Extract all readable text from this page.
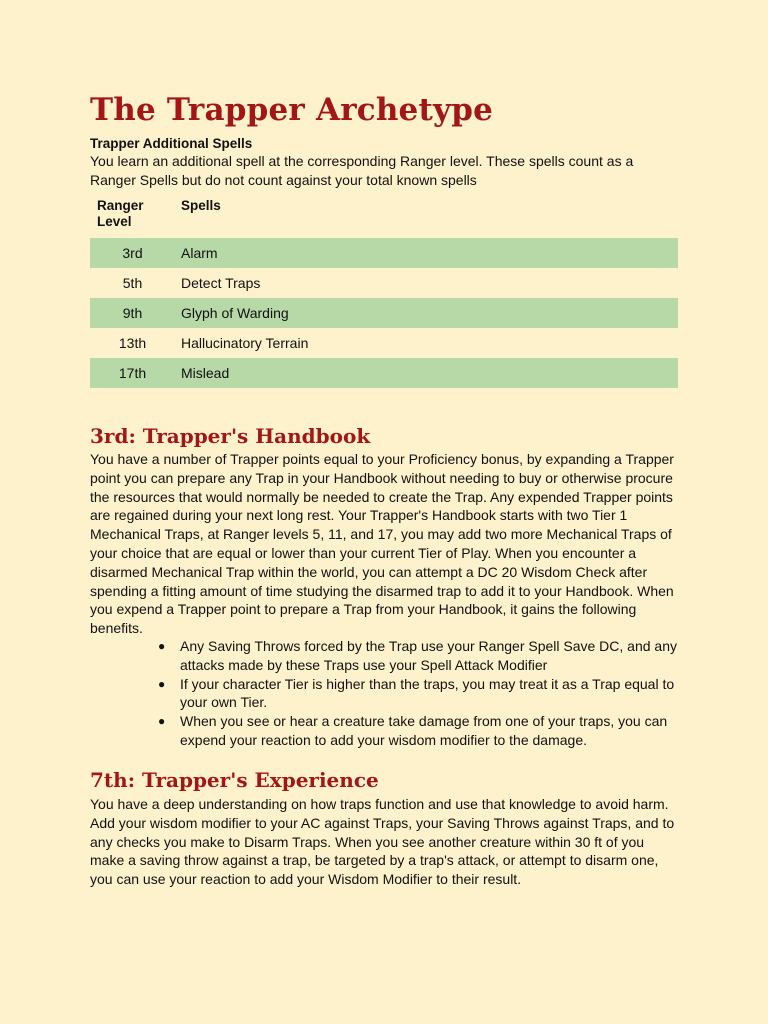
The Trapper Archetype
Trapper Additional Spells

You learn an additional spell at the corresponding Ranger level. These spells count as a Ranger Spells but do not count against your total known spells

Ranger Level	Spells
3rd	Alarm
5th	Detect Traps
9th	Glyph of Warding
13th	Hallucinatory Terrain
17th	Mislead
3rd: Trapper's Handbook

You have a number of Trapper points equal to your Proficiency bonus, by expanding a Trapper point you can prepare any Trap in your Handbook without needing to buy or otherwise procure the resources that would normally be needed to create the Trap. Any expended Trapper points are regained during your next long rest. Your Trapper's Handbook starts with two Tier 1 Mechanical Traps, at Ranger levels 5, 11, and 17, you may add two more Mechanical Traps of your choice that are equal or lower than your current Tier of Play. When you encounter a disarmed Mechanical Trap within the world, you can attempt a DC 20 Wisdom Check after spending a fitting amount of time studying the disarmed trap to add it to your Handbook. When you expend a Trapper point to prepare a Trap from your Handbook, it gains the following benefits.

● Any Saving Throws forced by the Trap use your Ranger Spell Save DC, and any attacks made by these Traps use your Spell Attack Modifier
● If your character Tier is higher than the traps, you may treat it as a Trap equal to your own Tier.
● When you see or hear a creature take damage from one of your traps, you can expend your reaction to add your wisdom modifier to the damage.
7th: Trapper's Experience

You have a deep understanding on how traps function and use that knowledge to avoid harm. Add your wisdom modifier to your AC against Traps, your Saving Throws against Traps, and to any checks you make to Disarm Traps. When you see another creature within 30 ft of you make a saving throw against a trap, be targeted by a trap's attack, or attempt to disarm one, you can use your reaction to add your Wisdom Modifier to their result.
